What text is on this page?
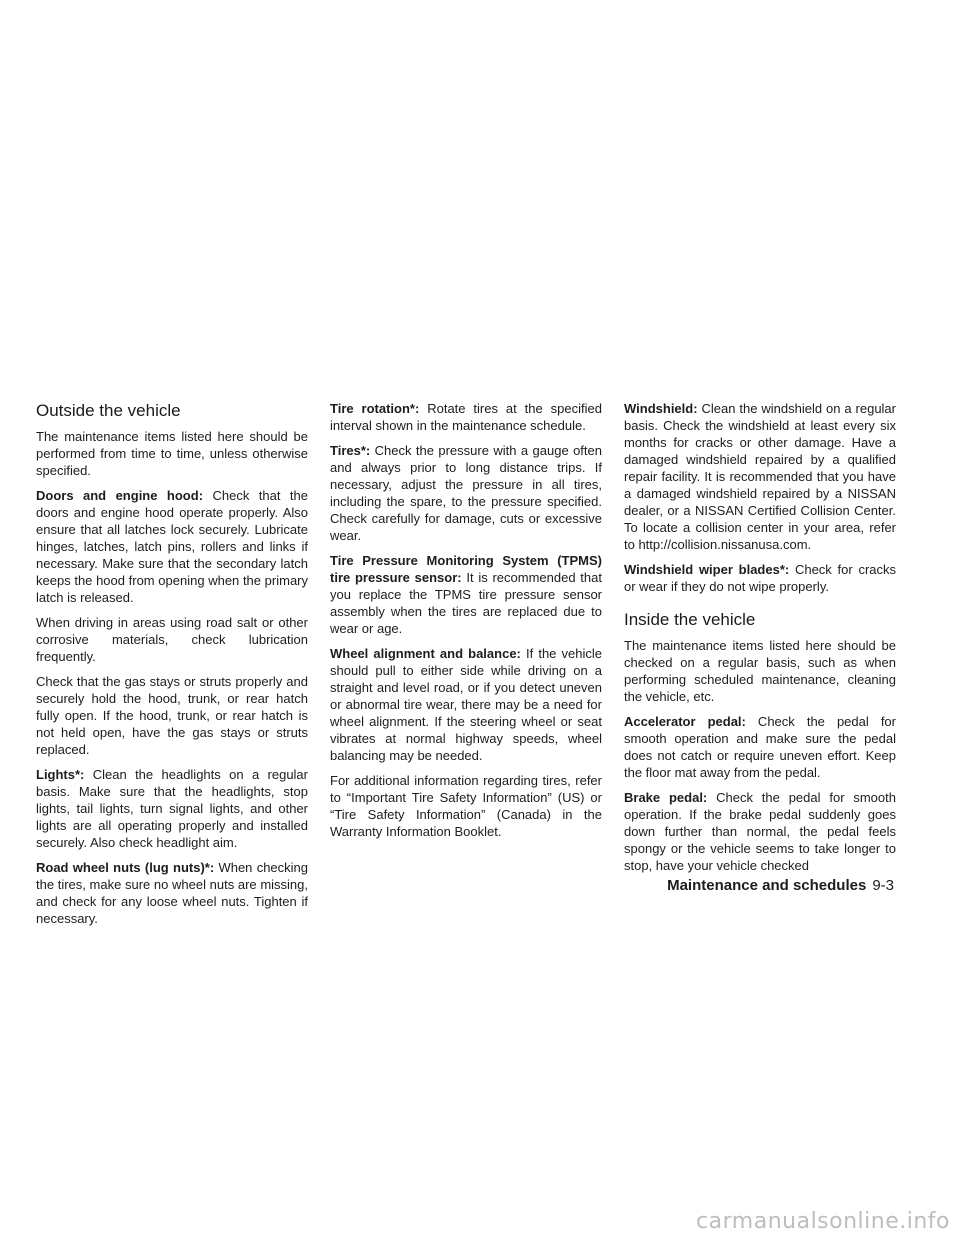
Outside the vehicle

The maintenance items listed here should be performed from time to time, unless otherwise specified.

Doors and engine hood: Check that the doors and engine hood operate properly. Also ensure that all latches lock securely. Lubricate hinges, latches, latch pins, rollers and links if necessary. Make sure that the secondary latch keeps the hood from opening when the primary latch is released.

When driving in areas using road salt or other corrosive materials, check lubrication frequently.

Check that the gas stays or struts properly and securely hold the hood, trunk, or rear hatch fully open. If the hood, trunk, or rear hatch is not held open, have the gas stays or struts replaced.

Lights*: Clean the headlights on a regular basis. Make sure that the headlights, stop lights, tail lights, turn signal lights, and other lights are all operating properly and installed securely. Also check headlight aim.

Road wheel nuts (lug nuts)*: When checking the tires, make sure no wheel nuts are missing, and check for any loose wheel nuts. Tighten if necessary.

Tire rotation*: Rotate tires at the specified interval shown in the maintenance schedule.

Tires*: Check the pressure with a gauge often and always prior to long distance trips. If necessary, adjust the pressure in all tires, including the spare, to the pressure specified. Check carefully for damage, cuts or excessive wear.

Tire Pressure Monitoring System (TPMS) tire pressure sensor: It is recommended that you replace the TPMS tire pressure sensor assembly when the tires are replaced due to wear or age.

Wheel alignment and balance: If the vehicle should pull to either side while driving on a straight and level road, or if you detect uneven or abnormal tire wear, there may be a need for wheel alignment. If the steering wheel or seat vibrates at normal highway speeds, wheel balancing may be needed.

For additional information regarding tires, refer to “Important Tire Safety Information” (US) or “Tire Safety Information” (Canada) in the Warranty Information Booklet.

Windshield: Clean the windshield on a regular basis. Check the windshield at least every six months for cracks or other damage. Have a damaged windshield repaired by a qualified repair facility. It is recommended that you have a damaged windshield repaired by a NISSAN dealer, or a NISSAN Certified Collision Center. To locate a collision center in your area, refer to http://collision.nissanusa.com.

Windshield wiper blades*: Check for cracks or wear if they do not wipe properly.

Inside the vehicle

The maintenance items listed here should be checked on a regular basis, such as when performing scheduled maintenance, cleaning the vehicle, etc.

Accelerator pedal: Check the pedal for smooth operation and make sure the pedal does not catch or require uneven effort. Keep the floor mat away from the pedal.

Brake pedal: Check the pedal for smooth operation. If the brake pedal suddenly goes down further than normal, the pedal feels spongy or the vehicle seems to take longer to stop, have your vehicle checked

Maintenance and schedules 9-3
carmanualsonline.info
